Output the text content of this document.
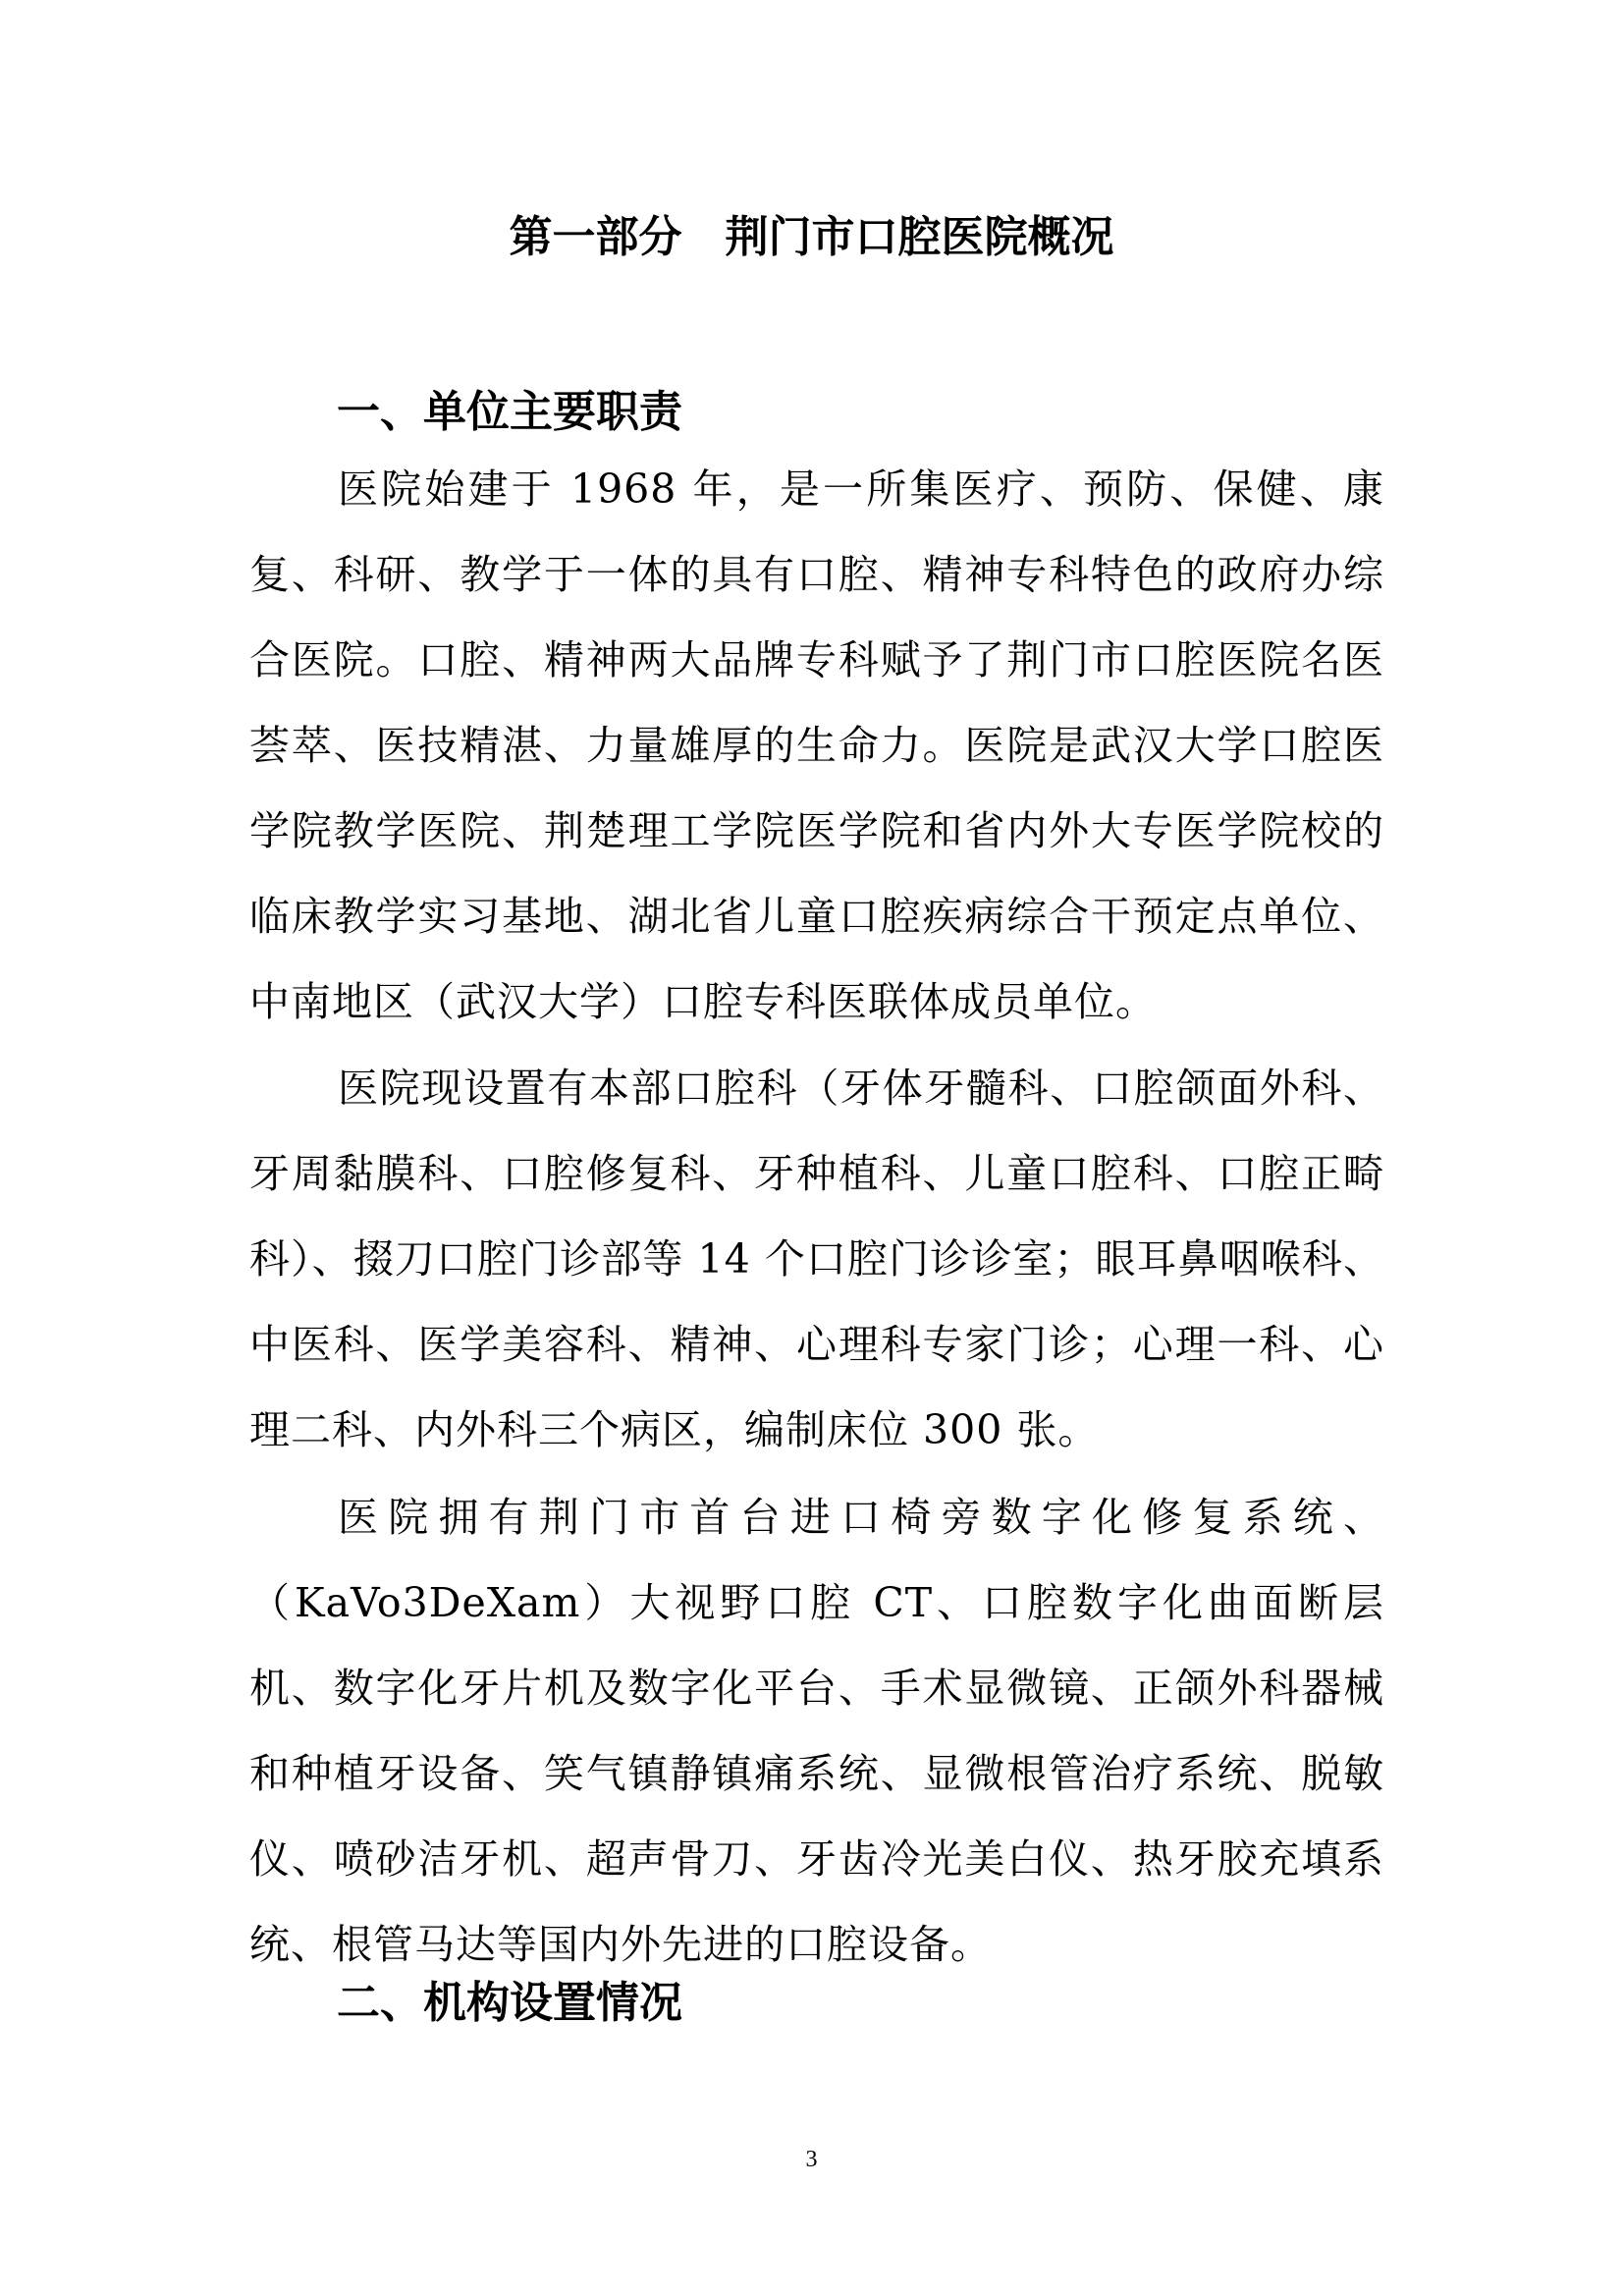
第一部分　荆门市口腔医院概况
一、单位主要职责

医院始建于 1968 年，是一所集医疗、预防、保健、康复、科研、教学于一体的具有口腔、精神专科特色的政府办综合医院。口腔、精神两大品牌专科赋予了荆门市口腔医院名医荟萃、医技精湛、力量雄厚的生命力。医院是武汉大学口腔医学院教学医院、荆楚理工学院医学院和省内外大专医学院校的临床教学实习基地、湖北省儿童口腔疾病综合干预定点单位、中南地区（武汉大学）口腔专科医联体成员单位。

医院现设置有本部口腔科（牙体牙髓科、口腔颌面外科、牙周黏膜科、口腔修复科、牙种植科、儿童口腔科、口腔正畸科）、掇刀口腔门诊部等 14 个口腔门诊诊室；眼耳鼻咽喉科、中医科、医学美容科、精神、心理科专家门诊；心理一科、心理二科、内外科三个病区，编制床位 300 张。

医院拥有荆门市首台进口椅旁数字化修复系统、（KaVo3DeXam）大视野口腔 CT、口腔数字化曲面断层机、数字化牙片机及数字化平台、手术显微镜、正颌外科器械和种植牙设备、笑气镇静镇痛系统、显微根管治疗系统、脱敏仪、喷砂洁牙机、超声骨刀、牙齿冷光美白仪、热牙胶充填系统、根管马达等国内外先进的口腔设备。

二、机构设置情况
3
